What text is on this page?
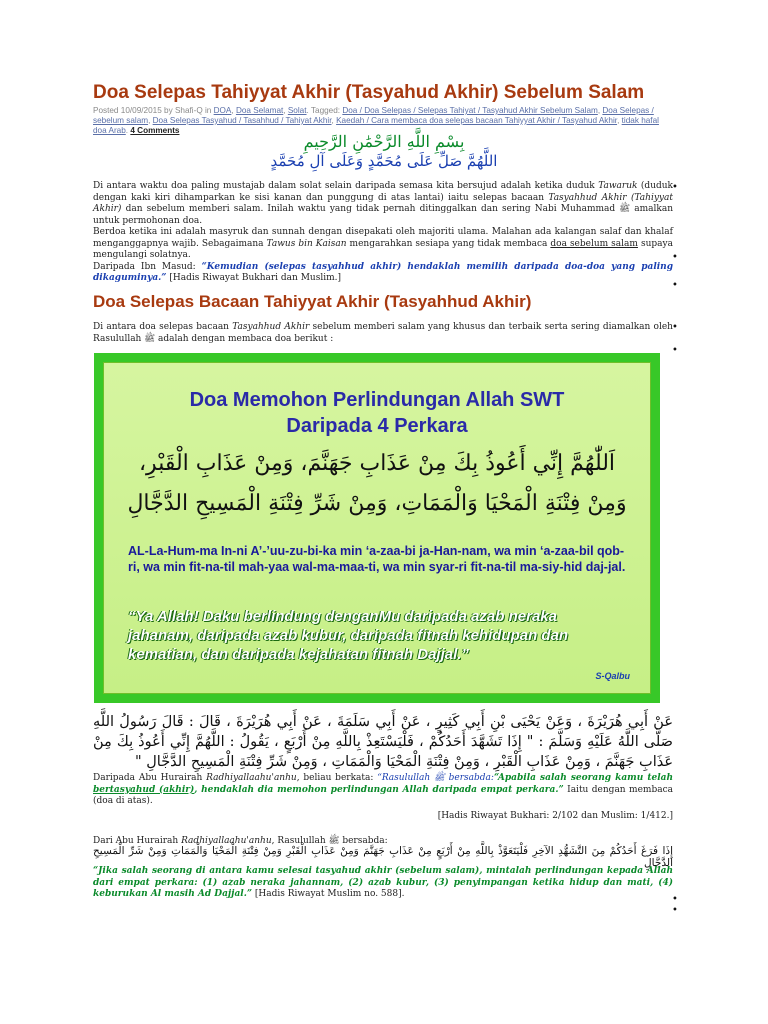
Doa Selepas Tahiyyat Akhir (Tasyahud Akhir) Sebelum Salam
Posted 10/09/2015 by Shafi-Q in DOA, Doa Selamat, Solat. Tagged: Doa / Doa Selepas / Selepas Tahiyat / Tasyahud Akhir Sebelum Salam, Doa Selepas / sebelum salam, Doa Selepas Tasyahud / Tasahhud / Tahiyat Akhir, Kaedah / Cara membaca doa selepas bacaan Tahiyyat Akhir / Tasyahud Akhir, tidak hafal doa Arab. 4 Comments
بِسْمِ اللَّهِ الرَّحْمَٰنِ الرَّحِيمِ
اللَّهُمَّ صَلِّ عَلَى مُحَمَّدٍ وَعَلَى آلِ مُحَمَّدٍ
Di antara waktu doa paling mustajab dalam solat selain daripada semasa kita bersujud adalah ketika duduk Tawaruk (duduk dengan kaki kiri dihamparkan ke sisi kanan dan punggung di atas lantai) iaitu selepas bacaan Tasyahhud Akhir (Tahiyyat Akhir) dan sebelum memberi salam. Inilah waktu yang tidak pernah ditinggalkan dan sering Nabi Muhammad ﷺ amalkan untuk permohonan doa.
Berdoa ketika ini adalah masyruk dan sunnah dengan disepakati oleh majoriti ulama. Malahan ada kalangan salaf dan khalaf menganggapnya wajib. Sebagaimana Tawus bin Kaisan mengarahkan sesiapa yang tidak membaca doa sebelum salam supaya mengulangi solatnya.
Daripada Ibn Masud: “Kemudian (selepas tasyahhud akhir) hendaklah memilih daripada doa-doa yang paling dikaguminya.” [Hadis Riwayat Bukhari dan Muslim.]
•
•
•
Doa Selepas Bacaan Tahiyyat Akhir (Tasyahhud Akhir)
Di antara doa selepas bacaan Tasyahhud Akhir sebelum memberi salam yang khusus dan terbaik serta sering diamalkan oleh Rasulullah ﷺ adalah dengan membaca doa berikut :
•
•
Doa Memohon Perlindungan Allah SWT
Daripada 4 Perkara
اَللّٰهُمَّ إِنِّي أَعُوذُ بِكَ مِنْ عَذَابِ جَهَنَّمَ، وَمِنْ عَذَابِ الْقَبْرِ،
وَمِنْ فِتْنَةِ الْمَحْيَا وَالْمَمَاتِ، وَمِنْ شَرِّ فِتْنَةِ الْمَسِيحِ الدَّجَّالِ
AL-La-Hum-ma In-ni A’-’uu-zu-bi-ka min ‘a-zaa-bi ja-Han-nam, wa min ‘a-zaa-bil qob-ri, wa min fit-na-til mah-yaa wal-ma-maa-ti, wa min syar-ri fit-na-til ma-siy-hid daj-jal.
“Ya Allah! Daku berlindung denganMu daripada azab neraka jahanam, daripada azab kubur, daripada fitnah kehidupan dan kematian, dan daripada kejahatan fitnah Dajjal.”
S-Qalbu
عَنْ أَبِي هُرَيْرَةَ ، وَعَنْ يَحْيَى بْنِ أَبِي كَثِيرٍ ، عَنْ أَبِي سَلَمَةَ ، عَنْ أَبِي هُرَيْرَةَ ، قَالَ : قَالَ رَسُولُ اللَّهِ صَلَّى اللَّهُ عَلَيْهِ وَسَلَّمَ : " إِذَا تَشَهَّدَ أَحَدُكُمْ ، فَلْيَسْتَعِذْ بِاللَّهِ مِنْ أَرْبَعٍ ، يَقُولُ : اللَّهُمَّ إِنِّي أَعُوذُ بِكَ مِنْ عَذَابِ جَهَنَّمَ ، وَمِنْ عَذَابِ الْقَبْرِ ، وَمِنْ فِتْنَةِ الْمَحْيَا وَالْمَمَاتِ ، وَمِنْ شَرِّ فِتْنَةِ الْمَسِيحِ الدَّجَّالِ "
Daripada Abu Hurairah Radhiyallaahu'anhu, beliau berkata: “Rasulullah ﷺ bersabda:“Apabila salah seorang kamu telah bertasyahud (akhir), hendaklah dia memohon perlindungan Allah daripada empat perkara.” Iaitu dengan membaca (doa di atas).
[Hadis Riwayat Bukhari: 2/102 dan Muslim: 1/412.]
Dari Abu Hurairah Radhiyallaahu'anhu, Rasulullah ﷺ bersabda:
إِذَا فَرَغَ أَحَدُكُمْ مِنَ التَّشَهُّدِ الآخِرِ فَلْيَتَعَوَّذْ بِاللَّهِ مِنْ أَرْبَعٍ مِنْ عَذَابِ جَهَنَّمَ وَمِنْ عَذَابِ الْقَبْرِ وَمِنْ فِتْنَةِ الْمَحْيَا وَالْمَمَاتِ وَمِنْ شَرِّ الْمَسِيحِ الدَّجَّالِ
“Jika salah seorang di antara kamu selesai tasyahud akhir (sebelum salam), mintalah perlindungan kepada Allah dari empat perkara: (1) azab neraka jahannam, (2) azab kubur, (3) penyimpangan ketika hidup dan mati, (4) keburukan Al masih Ad Dajjal.” [Hadis Riwayat Muslim no. 588].	•
•
